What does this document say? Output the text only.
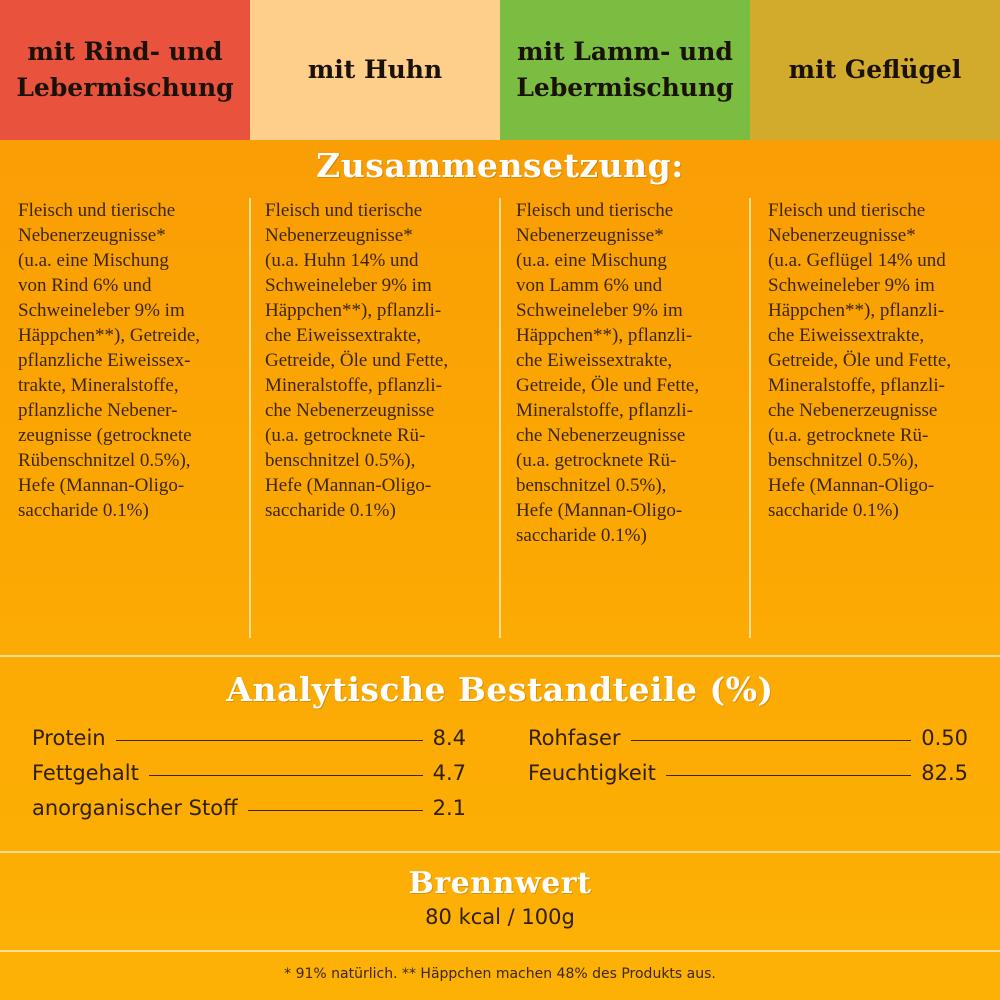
mit Rind- und
Lebermischung
mit Huhn
mit Lamm- und
Lebermischung
mit Geflügel
Zusammensetzung:
Fleisch und tierische
Nebenerzeugnisse*
(u.a. eine Mischung
von Rind 6% und
Schweineleber 9% im
Häppchen**), Getreide,
pflanzliche Eiweissex-
trakte, Mineralstoffe,
pflanzliche Nebener-
zeugnisse (getrocknete
Rübenschnitzel 0.5%),
Hefe (Mannan-Oligo-
saccharide 0.1%)
Fleisch und tierische
Nebenerzeugnisse*
(u.a. Huhn 14% und
Schweineleber 9% im
Häppchen**), pflanzli-
che Eiweissextrakte,
Getreide, Öle und Fette,
Mineralstoffe, pflanzli-
che Nebenerzeugnisse
(u.a. getrocknete Rü-
benschnitzel 0.5%),
Hefe (Mannan-Oligo-
saccharide 0.1%)
Fleisch und tierische
Nebenerzeugnisse*
(u.a. eine Mischung
von Lamm 6% und
Schweineleber 9% im
Häppchen**), pflanzli-
che Eiweissextrakte,
Getreide, Öle und Fette,
Mineralstoffe, pflanzli-
che Nebenerzeugnisse
(u.a. getrocknete Rü-
benschnitzel 0.5%),
Hefe (Mannan-Oligo-
saccharide 0.1%)
Fleisch und tierische
Nebenerzeugnisse*
(u.a. Geflügel 14% und
Schweineleber 9% im
Häppchen**), pflanzli-
che Eiweissextrakte,
Getreide, Öle und Fette,
Mineralstoffe, pflanzli-
che Nebenerzeugnisse
(u.a. getrocknete Rü-
benschnitzel 0.5%),
Hefe (Mannan-Oligo-
saccharide 0.1%)
Analytische Bestandteile (%)
Protein	8.4
Fettgehalt	4.7
anorganischer Stoff	2.1
Rohfaser	0.50
Feuchtigkeit	82.5
Brennwert
80 kcal / 100g
* 91% natürlich. ** Häppchen machen 48% des Produkts aus.
